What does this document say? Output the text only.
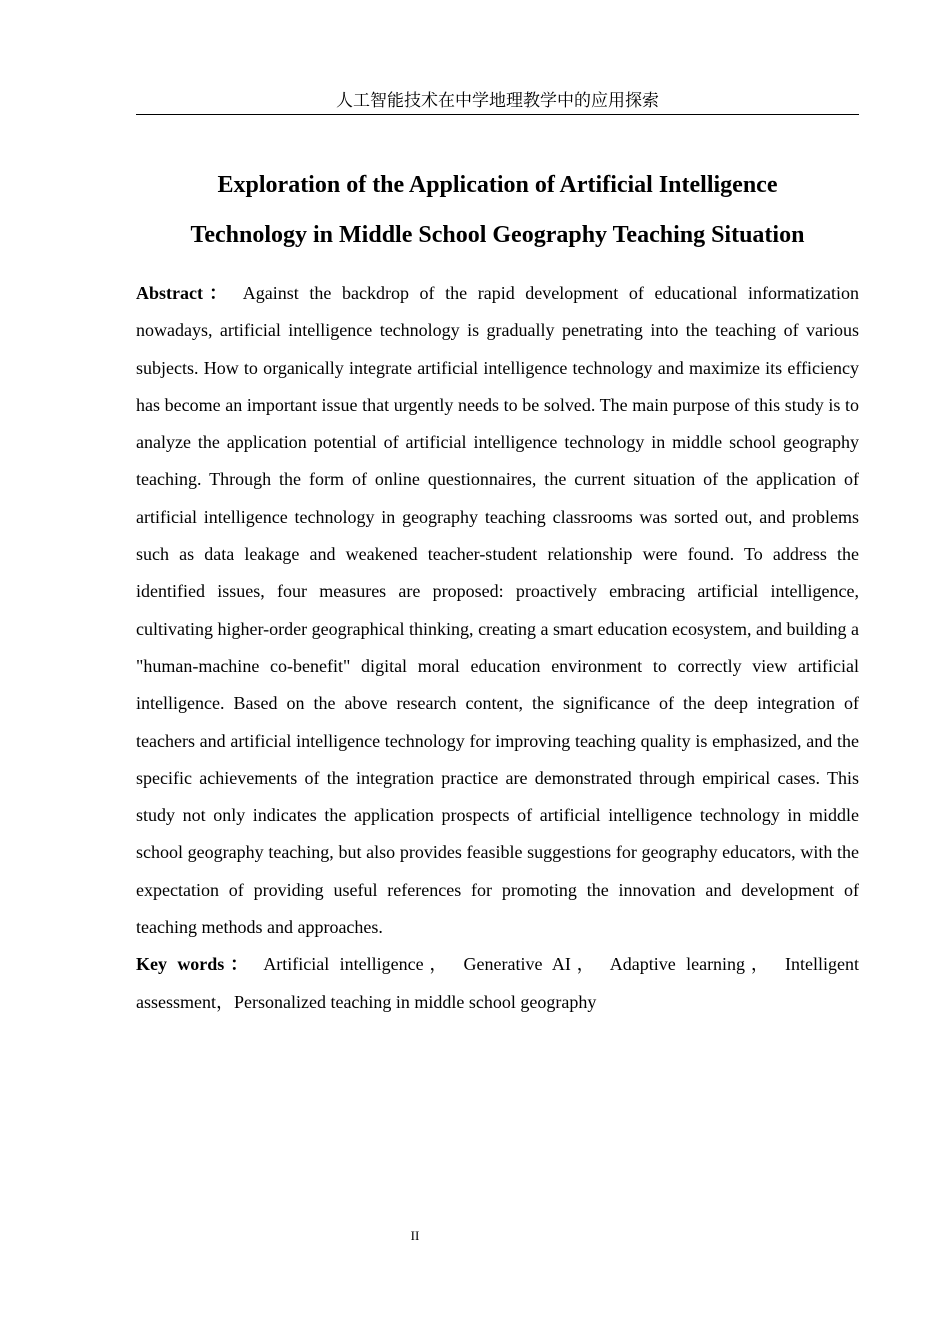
人工智能技术在中学地理教学中的应用探索
Exploration of the Application of Artificial Intelligence
Technology in Middle School Geography Teaching Situation

Abstract： Against the backdrop of the rapid development of educational informatization nowadays, artificial intelligence technology is gradually penetrating into the teaching of various subjects. How to organically integrate artificial intelligence technology and maximize its efficiency has become an important issue that urgently needs to be solved. The main purpose of this study is to analyze the application potential of artificial intelligence technology in middle school geography teaching. Through the form of online questionnaires, the current situation of the application of artificial intelligence technology in geography teaching classrooms was sorted out, and problems such as data leakage and weakened teacher-student relationship were found. To address the identified issues, four measures are proposed: proactively embracing artificial intelligence, cultivating higher-order geographical thinking, creating a smart education ecosystem, and building a "human-machine co-benefit" digital moral education environment to correctly view artificial intelligence. Based on the above research content, the significance of the deep integration of teachers and artificial intelligence technology for improving teaching quality is emphasized, and the specific achievements of the integration practice are demonstrated through empirical cases. This study not only indicates the application prospects of artificial intelligence technology in middle school geography teaching, but also provides feasible suggestions for geography educators, with the expectation of providing useful references for promoting the innovation and development of teaching methods and approaches.

Key words： Artificial intelligence， Generative AI， Adaptive learning， Intelligent assessment，Personalized teaching in middle school geography

II
